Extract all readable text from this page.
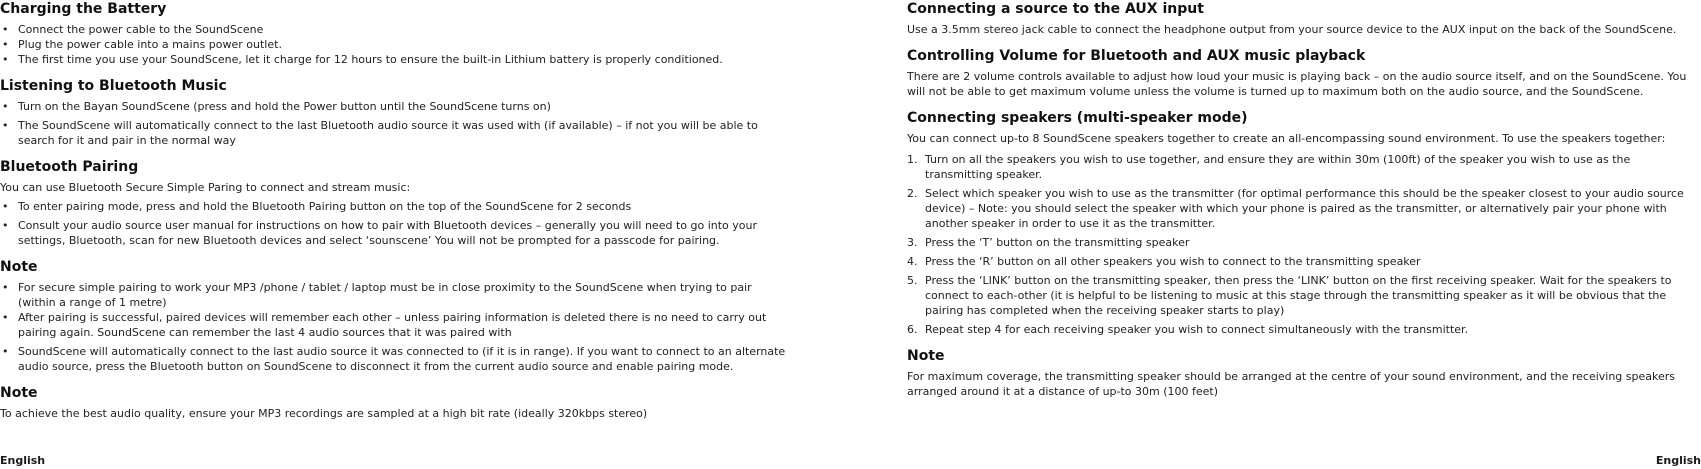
Charging the Battery
• Connect the power cable to the SoundScene
• Plug the power cable into a mains power outlet.
• The first time you use your SoundScene, let it charge for 12 hours to ensure the built-in Lithium battery is properly conditioned.
Listening to Bluetooth Music
• Turn on the Bayan SoundScene (press and hold the Power button until the SoundScene turns on)
• The SoundScene will automatically connect to the last Bluetooth audio source it was used with (if available) – if not you will be able to search for it and pair in the normal way
Bluetooth Pairing

You can use Bluetooth Secure Simple Paring to connect and stream music:

• To enter pairing mode, press and hold the Bluetooth Pairing button on the top of the SoundScene for 2 seconds
• Consult your audio source user manual for instructions on how to pair with Bluetooth devices – generally you will need to go into your settings, Bluetooth, scan for new Bluetooth devices and select ‘sounscene’ You will not be prompted for a passcode for pairing.
Note
• For secure simple pairing to work your MP3 /phone / tablet / laptop must be in close proximity to the SoundScene when trying to pair (within a range of 1 metre)
• After pairing is successful, paired devices will remember each other – unless pairing information is deleted there is no need to carry out pairing again. SoundScene can remember the last 4 audio sources that it was paired with
• SoundScene will automatically connect to the last audio source it was connected to (if it is in range). If you want to connect to an alternate audio source, press the Bluetooth button on SoundScene to disconnect it from the current audio source and enable pairing mode.
Note

To achieve the best audio quality, ensure your MP3 recordings are sampled at a high bit rate (ideally 320kbps stereo)

Connecting a source to the AUX input

Use a 3.5mm stereo jack cable to connect the headphone output from your source device to the AUX input on the back of the SoundScene.

Controlling Volume for Bluetooth and AUX music playback

There are 2 volume controls available to adjust how loud your music is playing back – on the audio source itself, and on the SoundScene. You will not be able to get maximum volume unless the volume is turned up to maximum both on the audio source, and the SoundScene.

Connecting speakers (multi-speaker mode)

You can connect up-to 8 SoundScene speakers together to create an all-encompassing sound environment. To use the speakers together:

1. Turn on all the speakers you wish to use together, and ensure they are within 30m (100ft) of the speaker you wish to use as the transmitting speaker.
2. Select which speaker you wish to use as the transmitter (for optimal performance this should be the speaker closest to your audio source device) – Note: you should select the speaker with which your phone is paired as the transmitter, or alternatively pair your phone with another speaker in order to use it as the transmitter.
3. Press the ‘T’ button on the transmitting speaker
4. Press the ‘R’ button on all other speakers you wish to connect to the transmitting speaker
5. Press the ‘LINK’ button on the transmitting speaker, then press the ‘LINK’ button on the first receiving speaker. Wait for the speakers to connect to each-other (it is helpful to be listening to music at this stage through the transmitting speaker as it will be obvious that the pairing has completed when the receiving speaker starts to play)
6. Repeat step 4 for each receiving speaker you wish to connect simultaneously with the transmitter.
Note

For maximum coverage, the transmitting speaker should be arranged at the centre of your sound environment, and the receiving speakers arranged around it at a distance of up-to 30m (100 feet)

English	English
